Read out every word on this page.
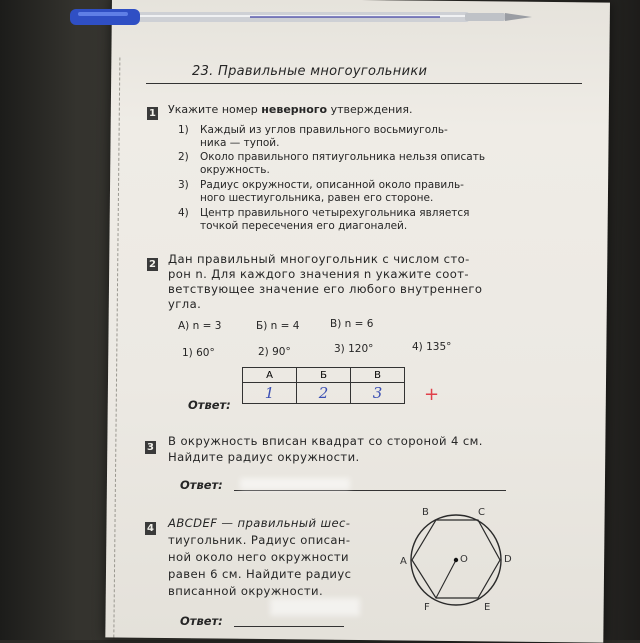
23. Правильные многоугольники
1 Укажите номер неверного утверждения.
1) Каждый из углов правильного восьмиуголь-
ника — тупой.
2) Около правильного пятиугольника нельзя описать
окружность.
3) Радиус окружности, описанной около правиль-
ного шестиугольника, равен его стороне.
4) Центр правильного четырехугольника является
точкой пересечения его диагоналей.
2 Дан правильный многоугольник с числом сто-
рон n. Для каждого значения n укажите соот-
ветствующее значение его любого внутреннего
угла.
А) n = 3	Б) n = 4	В) n = 6
1) 60°	2) 90°	3) 120°	4) 135°
Ответ:
А	Б	В
1	2	3 +
3 В окружность вписан квадрат со стороной 4 см.
Найдите радиус окружности.
Ответ:
4 ABCDEF — правильный шес-
тиугольник. Радиус описан-
ной около него окружности
равен 6 см. Найдите радиус
вписанной окружности.
Ответ:
B	C
A	D
F	E
O
